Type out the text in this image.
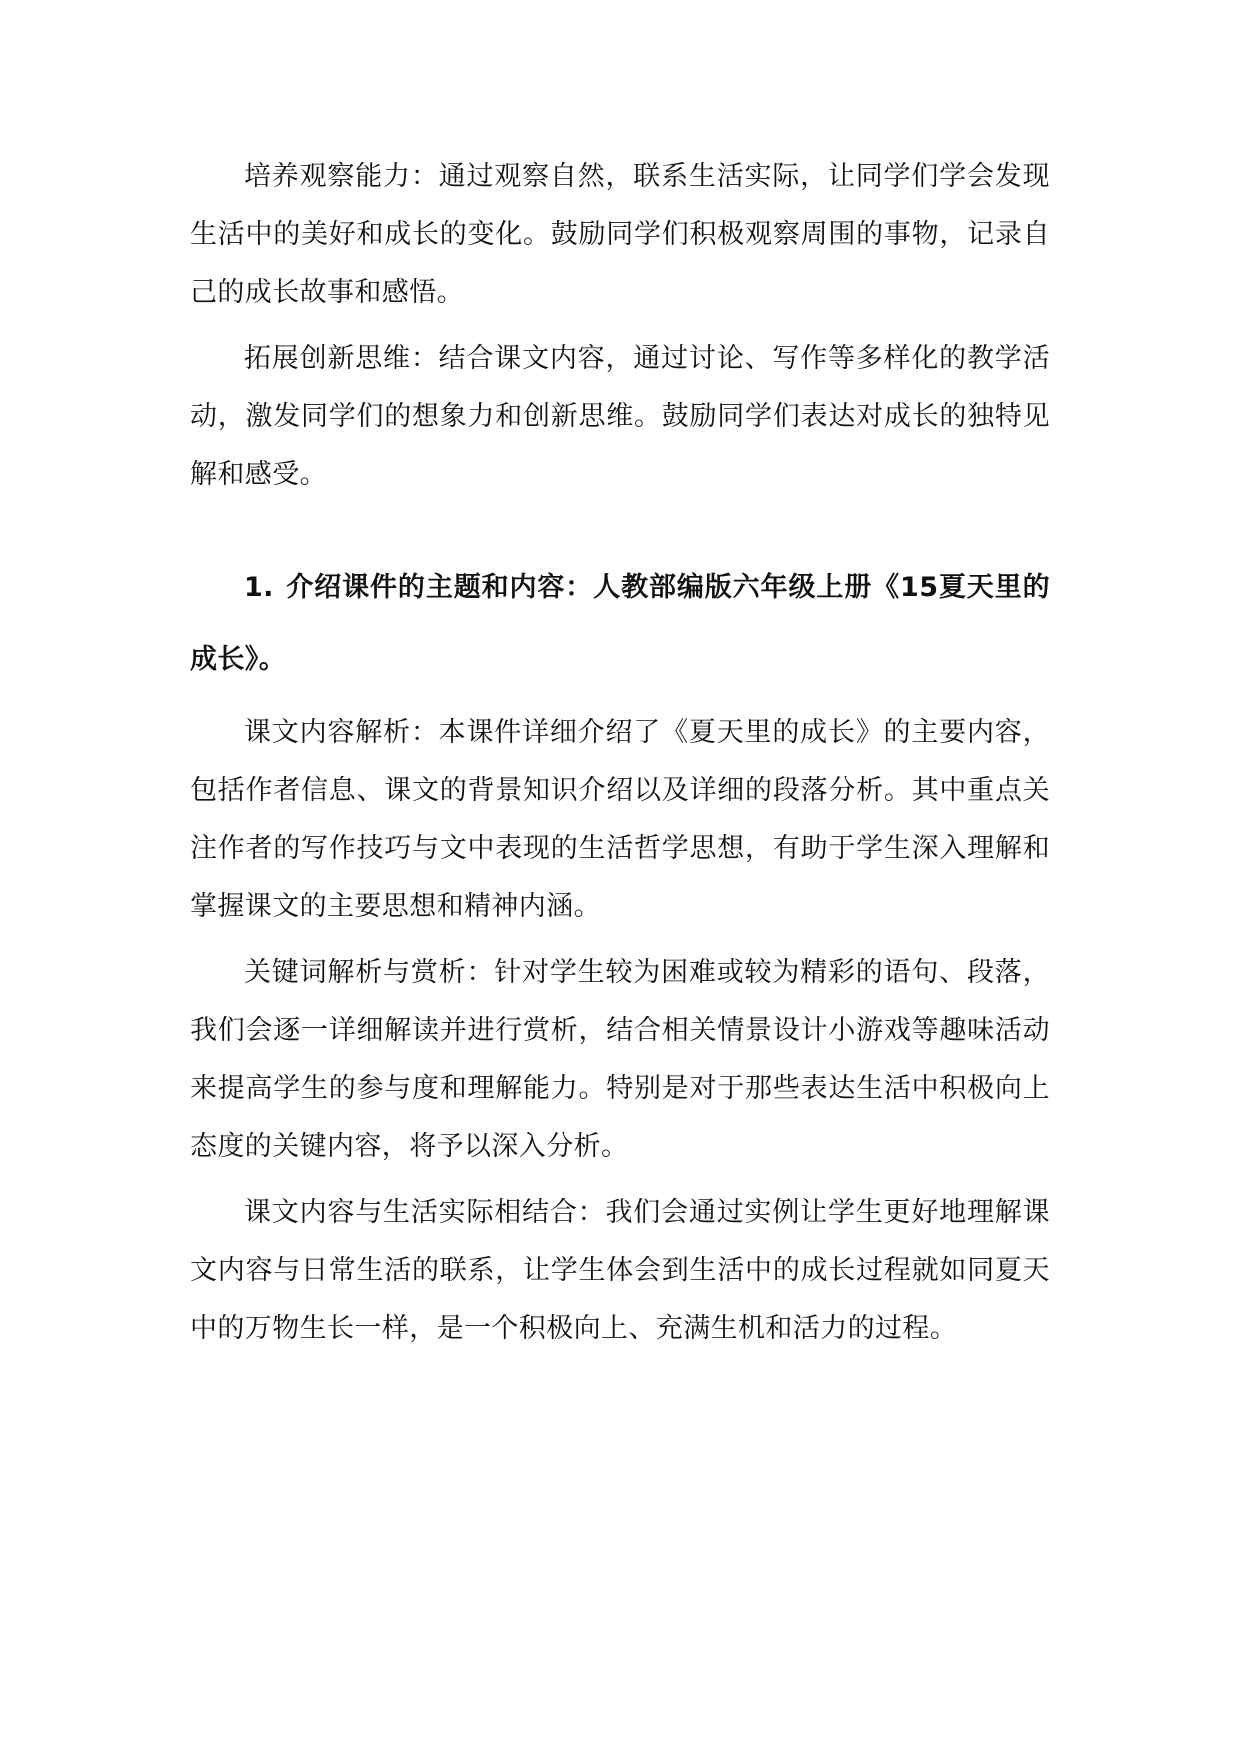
培养观察能力：通过观察自然，联系生活实际，让同学们学会发现生活中的美好和成长的变化。鼓励同学们积极观察周围的事物，记录自己的成长故事和感悟。

拓展创新思维：结合课文内容，通过讨论、写作等多样化的教学活动，激发同学们的想象力和创新思维。鼓励同学们表达对成长的独特见解和感受。

1. 介绍课件的主题和内容：人教部编版六年级上册《15夏天里的成长》。

课文内容解析：本课件详细介绍了《夏天里的成长》的主要内容，包括作者信息、课文的背景知识介绍以及详细的段落分析。其中重点关注作者的写作技巧与文中表现的生活哲学思想，有助于学生深入理解和掌握课文的主要思想和精神内涵。

关键词解析与赏析：针对学生较为困难或较为精彩的语句、段落，我们会逐一详细解读并进行赏析，结合相关情景设计小游戏等趣味活动来提高学生的参与度和理解能力。特别是对于那些表达生活中积极向上态度的关键内容，将予以深入分析。

课文内容与生活实际相结合：我们会通过实例让学生更好地理解课文内容与日常生活的联系，让学生体会到生活中的成长过程就如同夏天中的万物生长一样，是一个积极向上、充满生机和活力的过程。
